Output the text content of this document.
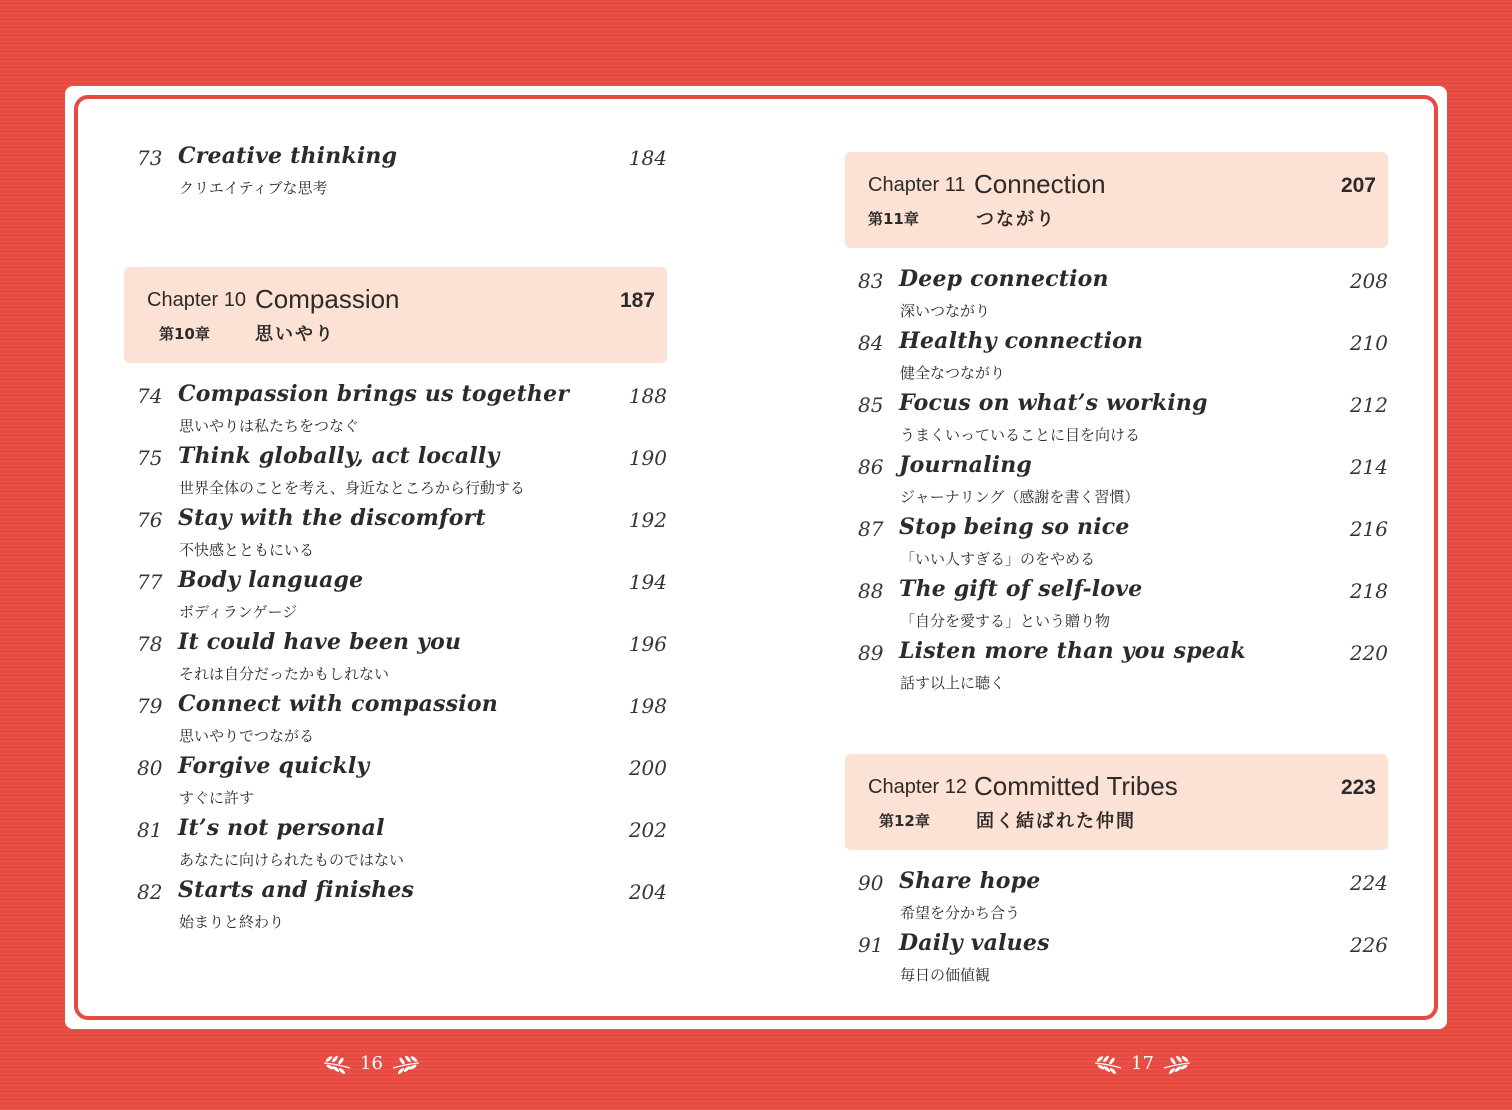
73 Creative thinking	184
クリエイティブな思考
Chapter 10 Compassion	187
第10章	思いやり
74 Compassion brings us together	188
思いやりは私たちをつなぐ
75 Think globally, act locally	190
世界全体のことを考え、身近なところから行動する
76 Stay with the discomfort	192
不快感とともにいる
77 Body language	194
ボディランゲージ
78 It could have been you	196
それは自分だったかもしれない
79 Connect with compassion	198
思いやりでつながる
80 Forgive quickly	200
すぐに許す
81 It’s not personal	202
あなたに向けられたものではない
82 Starts and finishes	204
始まりと終わり
Chapter 11 Connection	207
第11章	つながり
83 Deep connection	208
深いつながり
84 Healthy connection	210
健全なつながり
85 Focus on what’s working	212
うまくいっていることに目を向ける
86 Journaling	214
ジャーナリング（感謝を書く習慣）
87 Stop being so nice	216
「いい人すぎる」のをやめる
88 The gift of self-love	218
「自分を愛する」という贈り物
89 Listen more than you speak	220
話す以上に聴く
Chapter 12 Committed Tribes	223
第12章	固く結ばれた仲間
90 Share hope	224
希望を分かち合う
91 Daily values	226
毎日の価値観
16	17
